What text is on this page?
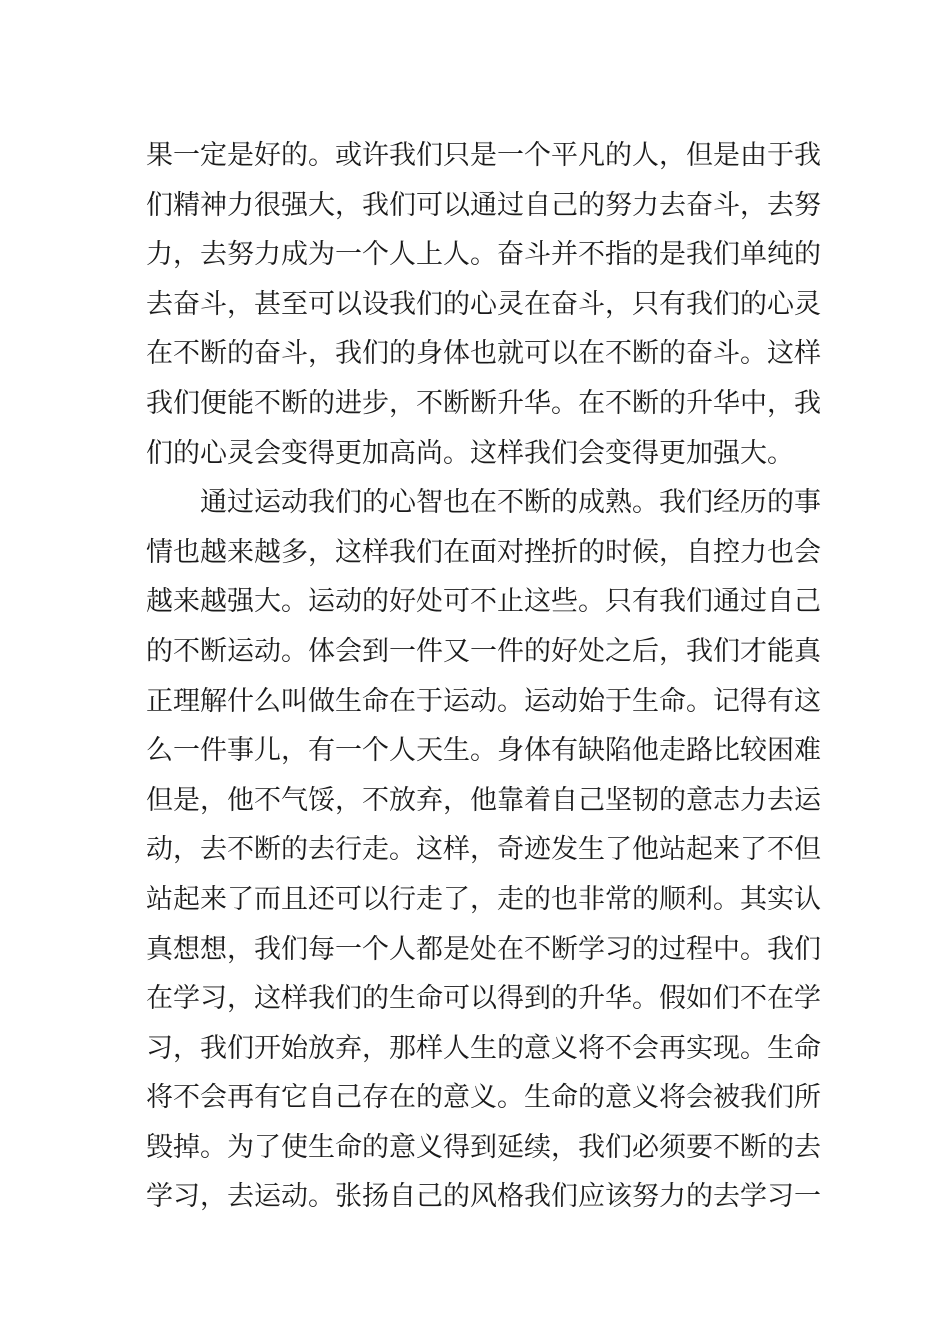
果一定是好的。或许我们只是一个平凡的人，但是由于我
们精神力很强大，我们可以通过自己的努力去奋斗，去努
力，去努力成为一个人上人。奋斗并不指的是我们单纯的
去奋斗，甚至可以设我们的心灵在奋斗，只有我们的心灵
在不断的奋斗，我们的身体也就可以在不断的奋斗。这样
我们便能不断的进步，不断断升华。在不断的升华中，我
们的心灵会变得更加高尚。这样我们会变得更加强大。
通过运动我们的心智也在不断的成熟。我们经历的事
情也越来越多，这样我们在面对挫折的时候，自控力也会
越来越强大。运动的好处可不止这些。只有我们通过自己
的不断运动。体会到一件又一件的好处之后，我们才能真
正理解什么叫做生命在于运动。运动始于生命。记得有这
么一件事儿，有一个人天生。身体有缺陷他走路比较困难
但是，他不气馁，不放弃，他靠着自己坚韧的意志力去运
动，去不断的去行走。这样，奇迹发生了他站起来了不但
站起来了而且还可以行走了，走的也非常的顺利。其实认
真想想，我们每一个人都是处在不断学习的过程中。我们
在学习，这样我们的生命可以得到的升华。假如们不在学
习，我们开始放弃，那样人生的意义将不会再实现。生命
将不会再有它自己存在的意义。生命的意义将会被我们所
毁掉。为了使生命的意义得到延续，我们必须要不断的去
学习，去运动。张扬自己的风格我们应该努力的去学习一
